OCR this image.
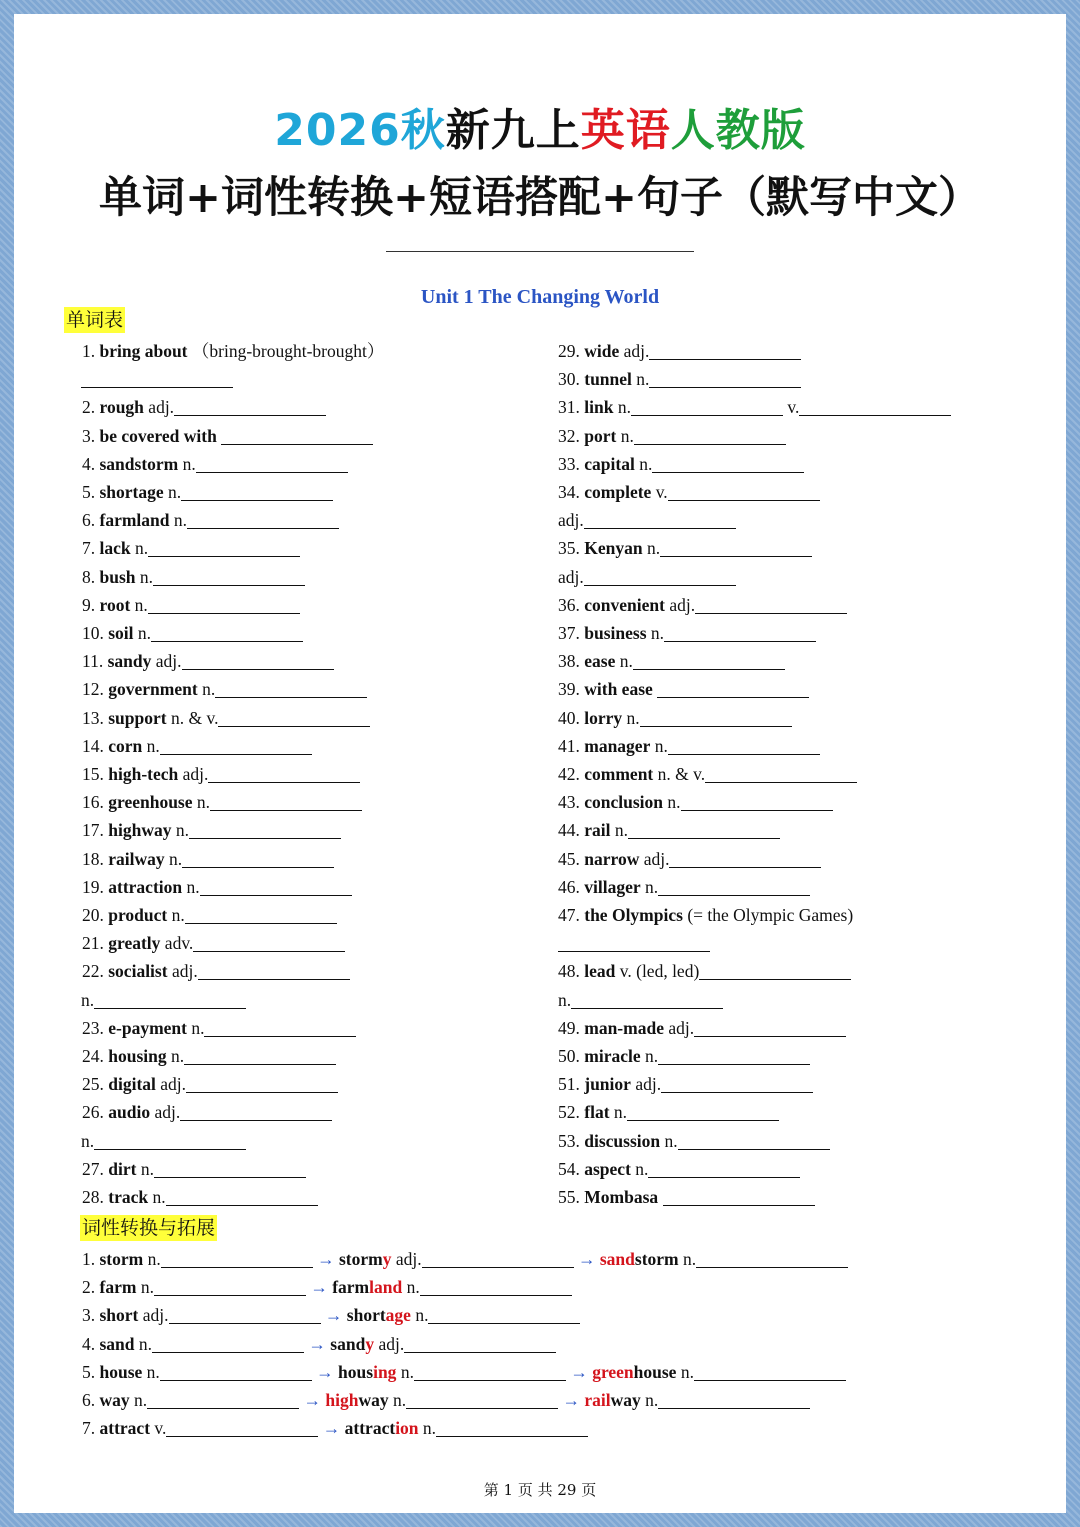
2026秋新九上英语人教版
单词+词性转换+短语搭配+句子（默写中文）
Unit 1 The Changing World
单词表
词性转换与拓展
第 1 页 共 29 页
1. bring about （bring-brought-brought）
2. rough adj.
3. be covered with
4. sandstorm n.
5. shortage n.
6. farmland n.
7. lack n.
8. bush n.
9. root n.
10. soil n.
11. sandy adj.
12. government n.
13. support n. & v.
14. corn n.
15. high-tech adj.
16. greenhouse n.
17. highway n.
18. railway n.
19. attraction n.
20. product n.
21. greatly adv.
22. socialist adj.
n.
23. e-payment n.
24. housing n.
25. digital adj.
26. audio adj.
n.
27. dirt n.
28. track n.
29. wide adj.
30. tunnel n.
31. link n.	v.
32. port n.
33. capital n.
34. complete v.
adj.
35. Kenyan n.
adj.
36. convenient adj.
37. business n.
38. ease n.
39. with ease
40. lorry n.
41. manager n.
42. comment n. & v.
43. conclusion n.
44. rail n.
45. narrow adj.
46. villager n.
47. the Olympics (= the Olympic Games)
48. lead v. (led, led)
n.
49. man-made adj.
50. miracle n.
51. junior adj.
52. flat n.
53. discussion n.
54. aspect n.
55. Mombasa
1. storm n.	→ stormy adj.	→ sandstorm n.
2. farm n.	→ farmland n.
3. short adj.	→ shortage n.
4. sand n.	→ sandy adj.
5. house n.	→ housing n.	→ greenhouse n.
6. way n.	→ highway n.	→ railway n.
7. attract v.	→ attraction n.
